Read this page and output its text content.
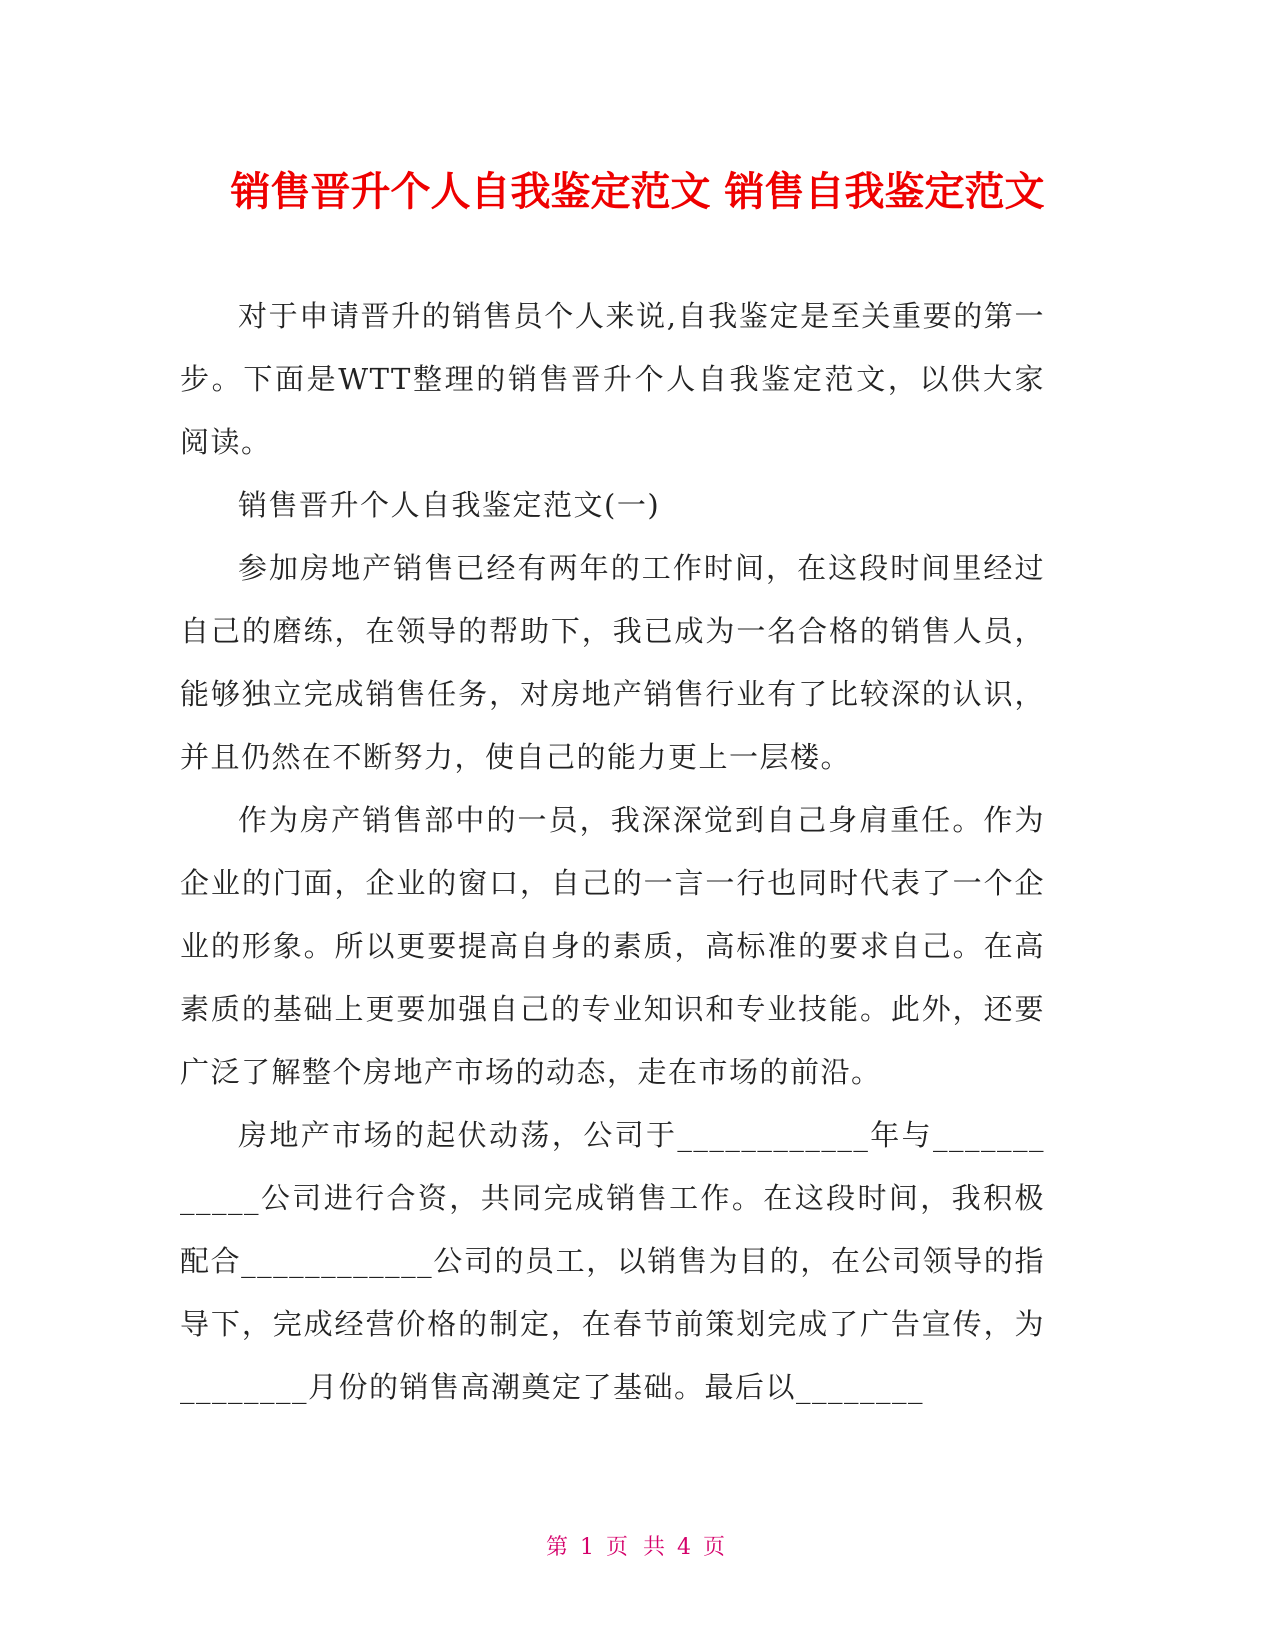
销售晋升个人自我鉴定范文 销售自我鉴定范文

对于申请晋升的销售员个人来说,自我鉴定是至关重要的第一步。下面是WTT整理的销售晋升个人自我鉴定范文，以供大家阅读。

销售晋升个人自我鉴定范文(一)

参加房地产销售已经有两年的工作时间，在这段时间里经过自己的磨练，在领导的帮助下，我已成为一名合格的销售人员，能够独立完成销售任务，对房地产销售行业有了比较深的认识，并且仍然在不断努力，使自己的能力更上一层楼。

作为房产销售部中的一员，我深深觉到自己身肩重任。作为企业的门面，企业的窗口，自己的一言一行也同时代表了一个企业的形象。所以更要提高自身的素质，高标准的要求自己。在高素质的基础上更要加强自己的专业知识和专业技能。此外，还要广泛了解整个房地产市场的动态，走在市场的前沿。

房地产市场的起伏动荡，公司于____________年与____________公司进行合资，共同完成销售工作。在这段时间，我积极配合____________公司的员工，以销售为目的，在公司领导的指导下，完成经营价格的制定，在春节前策划完成了广告宣传，为________月份的销售高潮奠定了基础。最后以________

第 1 页 共 4 页
